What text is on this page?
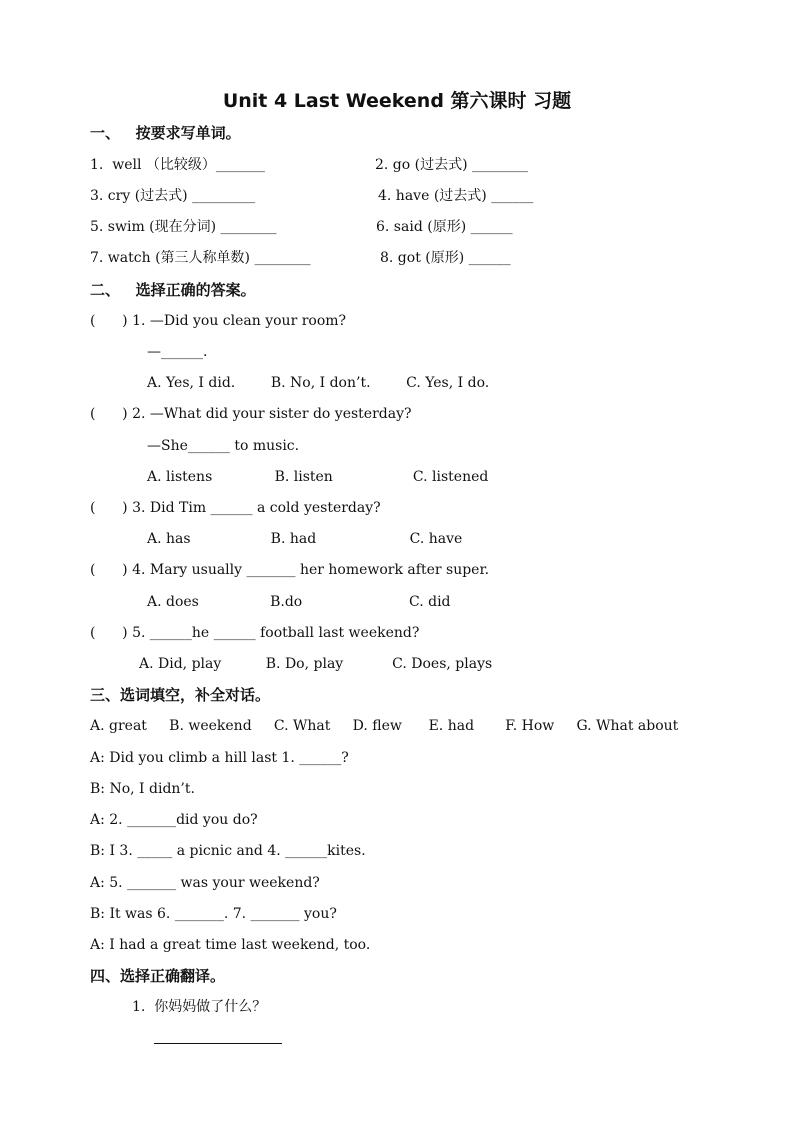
Unit 4 Last Weekend 第六课时 习题
一、   按要求写单词。
1.  well （比较级）_______	2. go (过去式) ________
3. cry (过去式) _________	4. have (过去式) ______
5. swim (现在分词) ________	6. said (原形) ______
7. watch (第三人称单数) ________	8. got (原形) ______
二、   选择正确的答案。
(      ) 1. —Did you clean your room?
—______.
A. Yes, I did.        B. No, I don’t.        C. Yes, I do.
(      ) 2. —What did your sister do yesterday?
—She______ to music.
A. listens              B. listen                  C. listened
(      ) 3. Did Tim ______ a cold yesterday?
A. has                  B. had                     C. have
(      ) 4. Mary usually _______ her homework after super.
A. does                B.do                        C. did
(      ) 5. ______he ______ football last weekend?
A. Did, play          B. Do, play           C. Does, plays
三、选词填空，补全对话。
A. great     B. weekend     C. What     D. flew      E. had       F. How     G. What about
A: Did you climb a hill last 1. ______?
B: No, I didn’t.
A: 2. _______did you do?
B: I 3. _____ a picnic and 4. ______kites.
A: 5. _______ was your weekend?
B: It was 6. _______. 7. _______ you?
A: I had a great time last weekend, too.
四、选择正确翻译。
1.  你妈妈做了什么？
